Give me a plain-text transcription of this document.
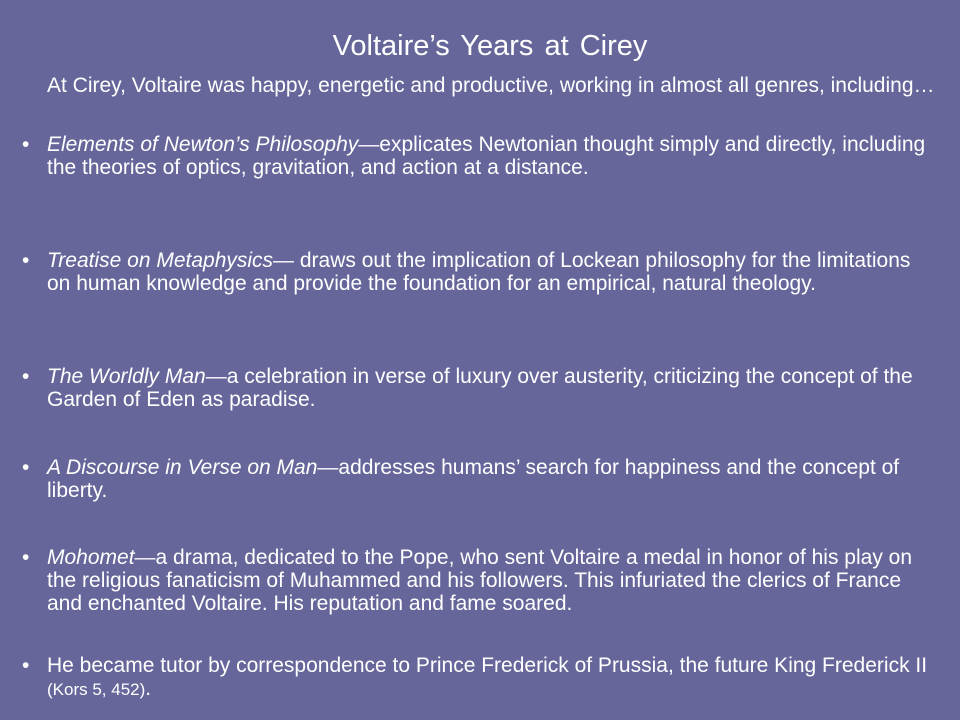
Voltaire’s Years at Cirey
At Cirey, Voltaire was happy, energetic and productive, working in almost all genres, including…
• Elements of Newton’s Philosophy—explicates Newtonian thought simply and directly, including the theories of optics, gravitation, and action at a distance.
• Treatise on Metaphysics— draws out the implication of Lockean philosophy for the limitations on human knowledge and provide the foundation for an empirical, natural theology.
• The Worldly Man—a celebration in verse of luxury over austerity, criticizing the concept of the Garden of Eden as paradise.
• A Discourse in Verse on Man—addresses humans’ search for happiness and the concept of liberty.
• Mohomet—a drama, dedicated to the Pope, who sent Voltaire a medal in honor of his play on the religious fanaticism of Muhammed and his followers. This infuriated the clerics of France and enchanted Voltaire. His reputation and fame soared.
• He became tutor by correspondence to Prince Frederick of Prussia, the future King Frederick II (Kors 5, 452).
